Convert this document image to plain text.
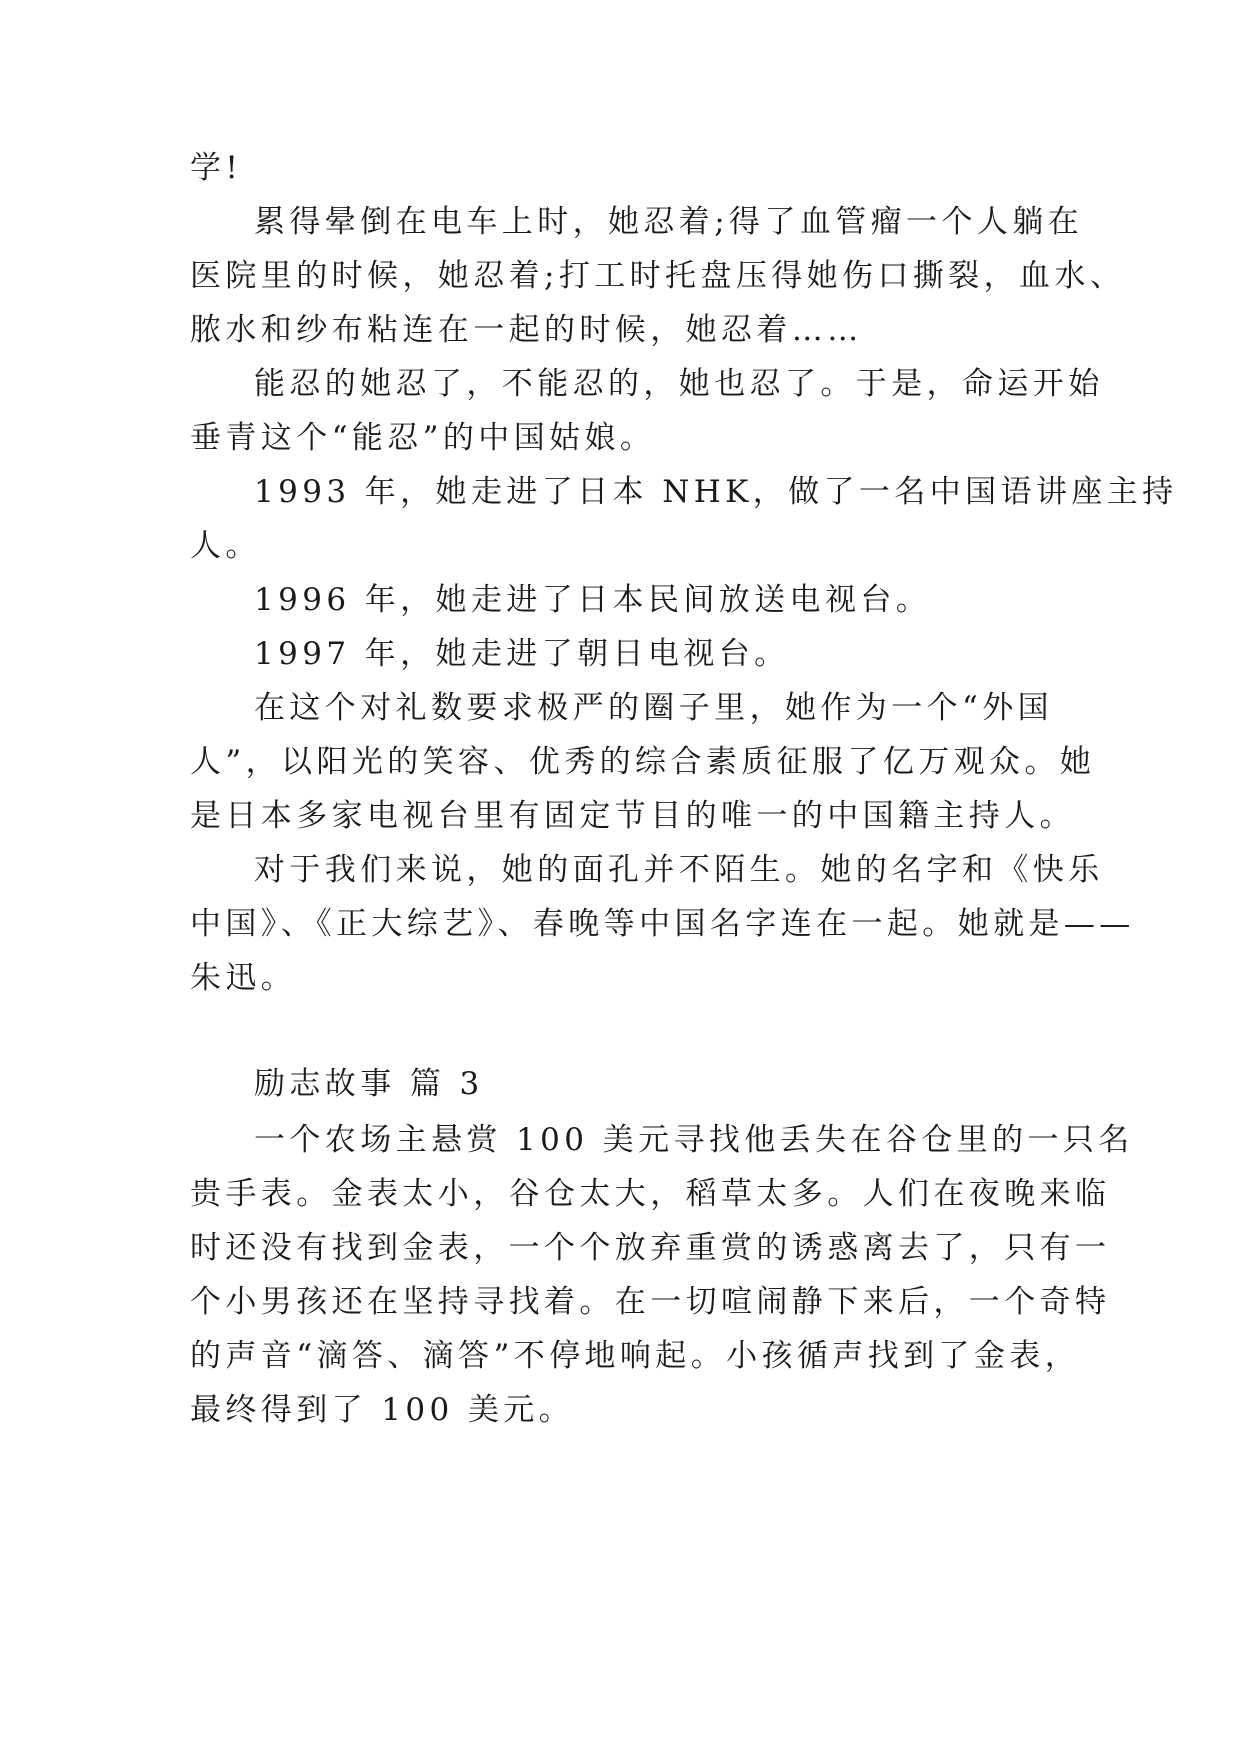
学!
累得晕倒在电车上时，她忍着;得了血管瘤一个人躺在
医院里的时候，她忍着;打工时托盘压得她伤口撕裂，血水、
脓水和纱布粘连在一起的时候，她忍着……
能忍的她忍了，不能忍的，她也忍了。于是，命运开始
垂青这个“能忍”的中国姑娘。
1993 年，她走进了日本 NHK，做了一名中国语讲座主持
人。
1996 年，她走进了日本民间放送电视台。
1997 年，她走进了朝日电视台。
在这个对礼数要求极严的圈子里，她作为一个“外国
人”，以阳光的笑容、优秀的综合素质征服了亿万观众。她
是日本多家电视台里有固定节目的唯一的中国籍主持人。
对于我们来说，她的面孔并不陌生。她的名字和《快乐
中国》、《正大综艺》、春晚等中国名字连在一起。她就是——
朱迅。
励志故事 篇 3
一个农场主悬赏 100 美元寻找他丢失在谷仓里的一只名
贵手表。金表太小，谷仓太大，稻草太多。人们在夜晚来临
时还没有找到金表，一个个放弃重赏的诱惑离去了，只有一
个小男孩还在坚持寻找着。在一切喧闹静下来后，一个奇特
的声音“滴答、滴答”不停地响起。小孩循声找到了金表，
最终得到了 100 美元。
